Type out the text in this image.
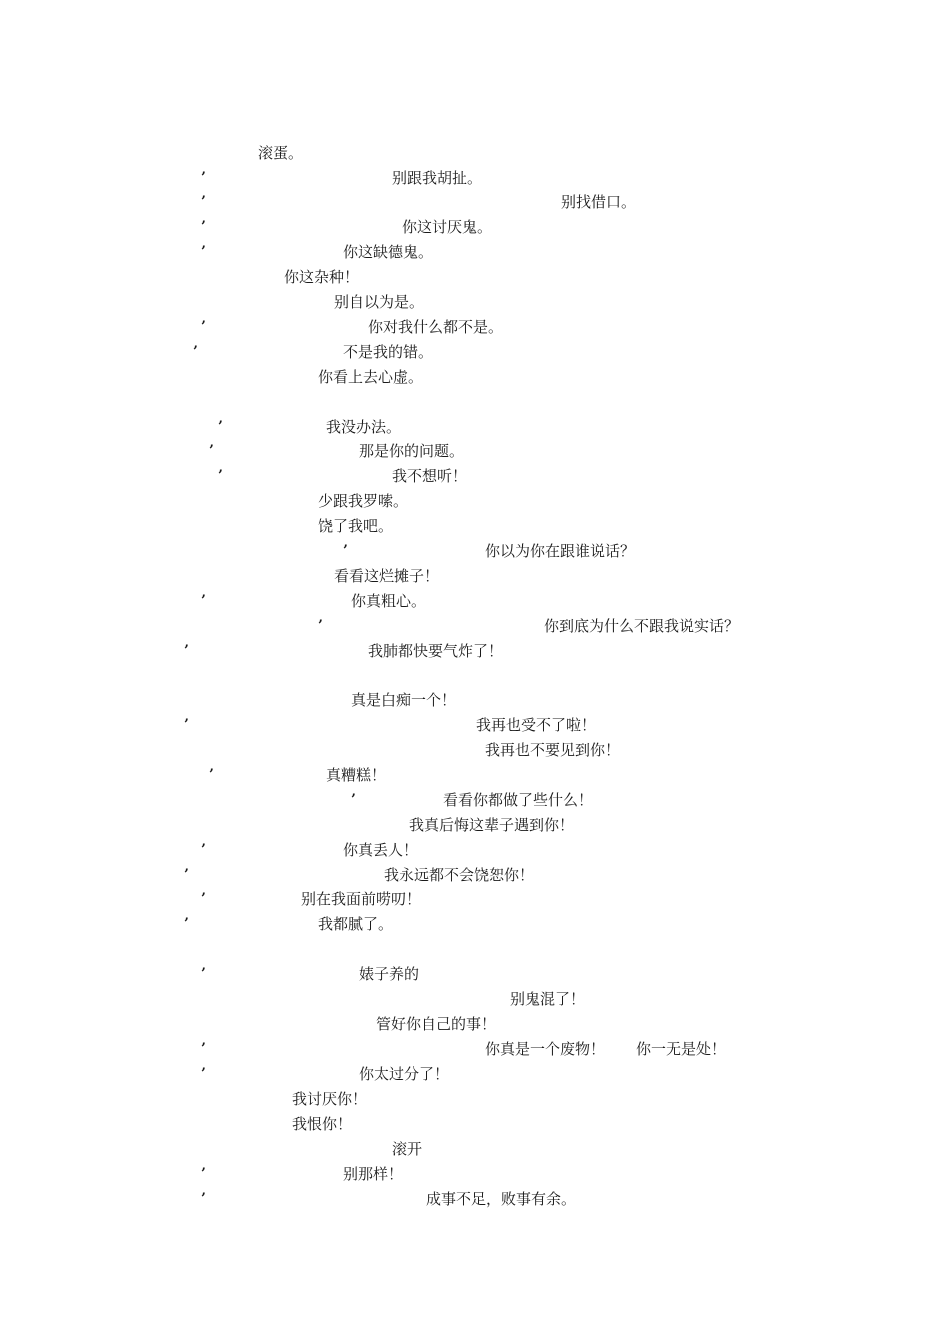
滚蛋。
’	别跟我胡扯。
’	别找借口。
’	你这讨厌鬼。
’	你这缺德鬼。
你这杂种！
别自以为是。
’	你对我什么都不是。
’	不是我的错。
你看上去心虚。
’	我没办法。
’	那是你的问题。
’	我不想听！
少跟我罗嗦。
饶了我吧。
’	你以为你在跟谁说话？
看看这烂摊子！
’	你真粗心。
’	你到底为什么不跟我说实话？
’	我肺都快要气炸了！
真是白痴一个！
’	我再也受不了啦！
我再也不要见到你！
’	真糟糕！
’	看看你都做了些什么！
我真后悔这辈子遇到你！
’	你真丢人！
’	我永远都不会饶恕你！
’	别在我面前唠叨！
’	我都腻了。
’	婊子养的
别鬼混了！
管好你自己的事！
’	你真是一个废物！ 你一无是处！
’	你太过分了！
我讨厌你！
我恨你！
滚开
’	别那样！
’	成事不足，败事有余。
